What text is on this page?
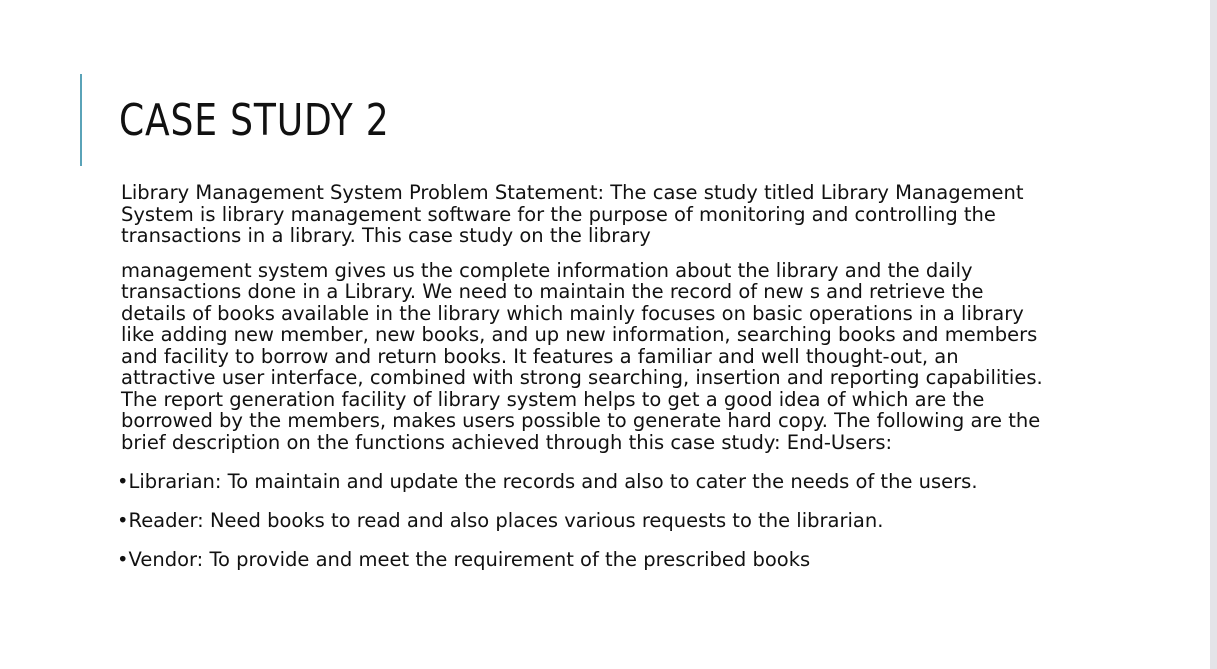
CASE STUDY 2
Library Management System Problem Statement: The case study titled Library Management
System is library management software for the purpose of monitoring and controlling the
transactions in a library. This case study on the library
management system gives us the complete information about the library and the daily
transactions done in a Library. We need to maintain the record of new s and retrieve the
details of books available in the library which mainly focuses on basic operations in a library
like adding new member, new books, and up new information, searching books and members
and facility to borrow and return books. It features a familiar and well thought-out, an
attractive user interface, combined with strong searching, insertion and reporting capabilities.
The report generation facility of library system helps to get a good idea of which are the
borrowed by the members, makes users possible to generate hard copy. The following are the
brief description on the functions achieved through this case study: End-Users:
•Librarian: To maintain and update the records and also to cater the needs of the users.
•Reader: Need books to read and also places various requests to the librarian.
•Vendor: To provide and meet the requirement of the prescribed books
